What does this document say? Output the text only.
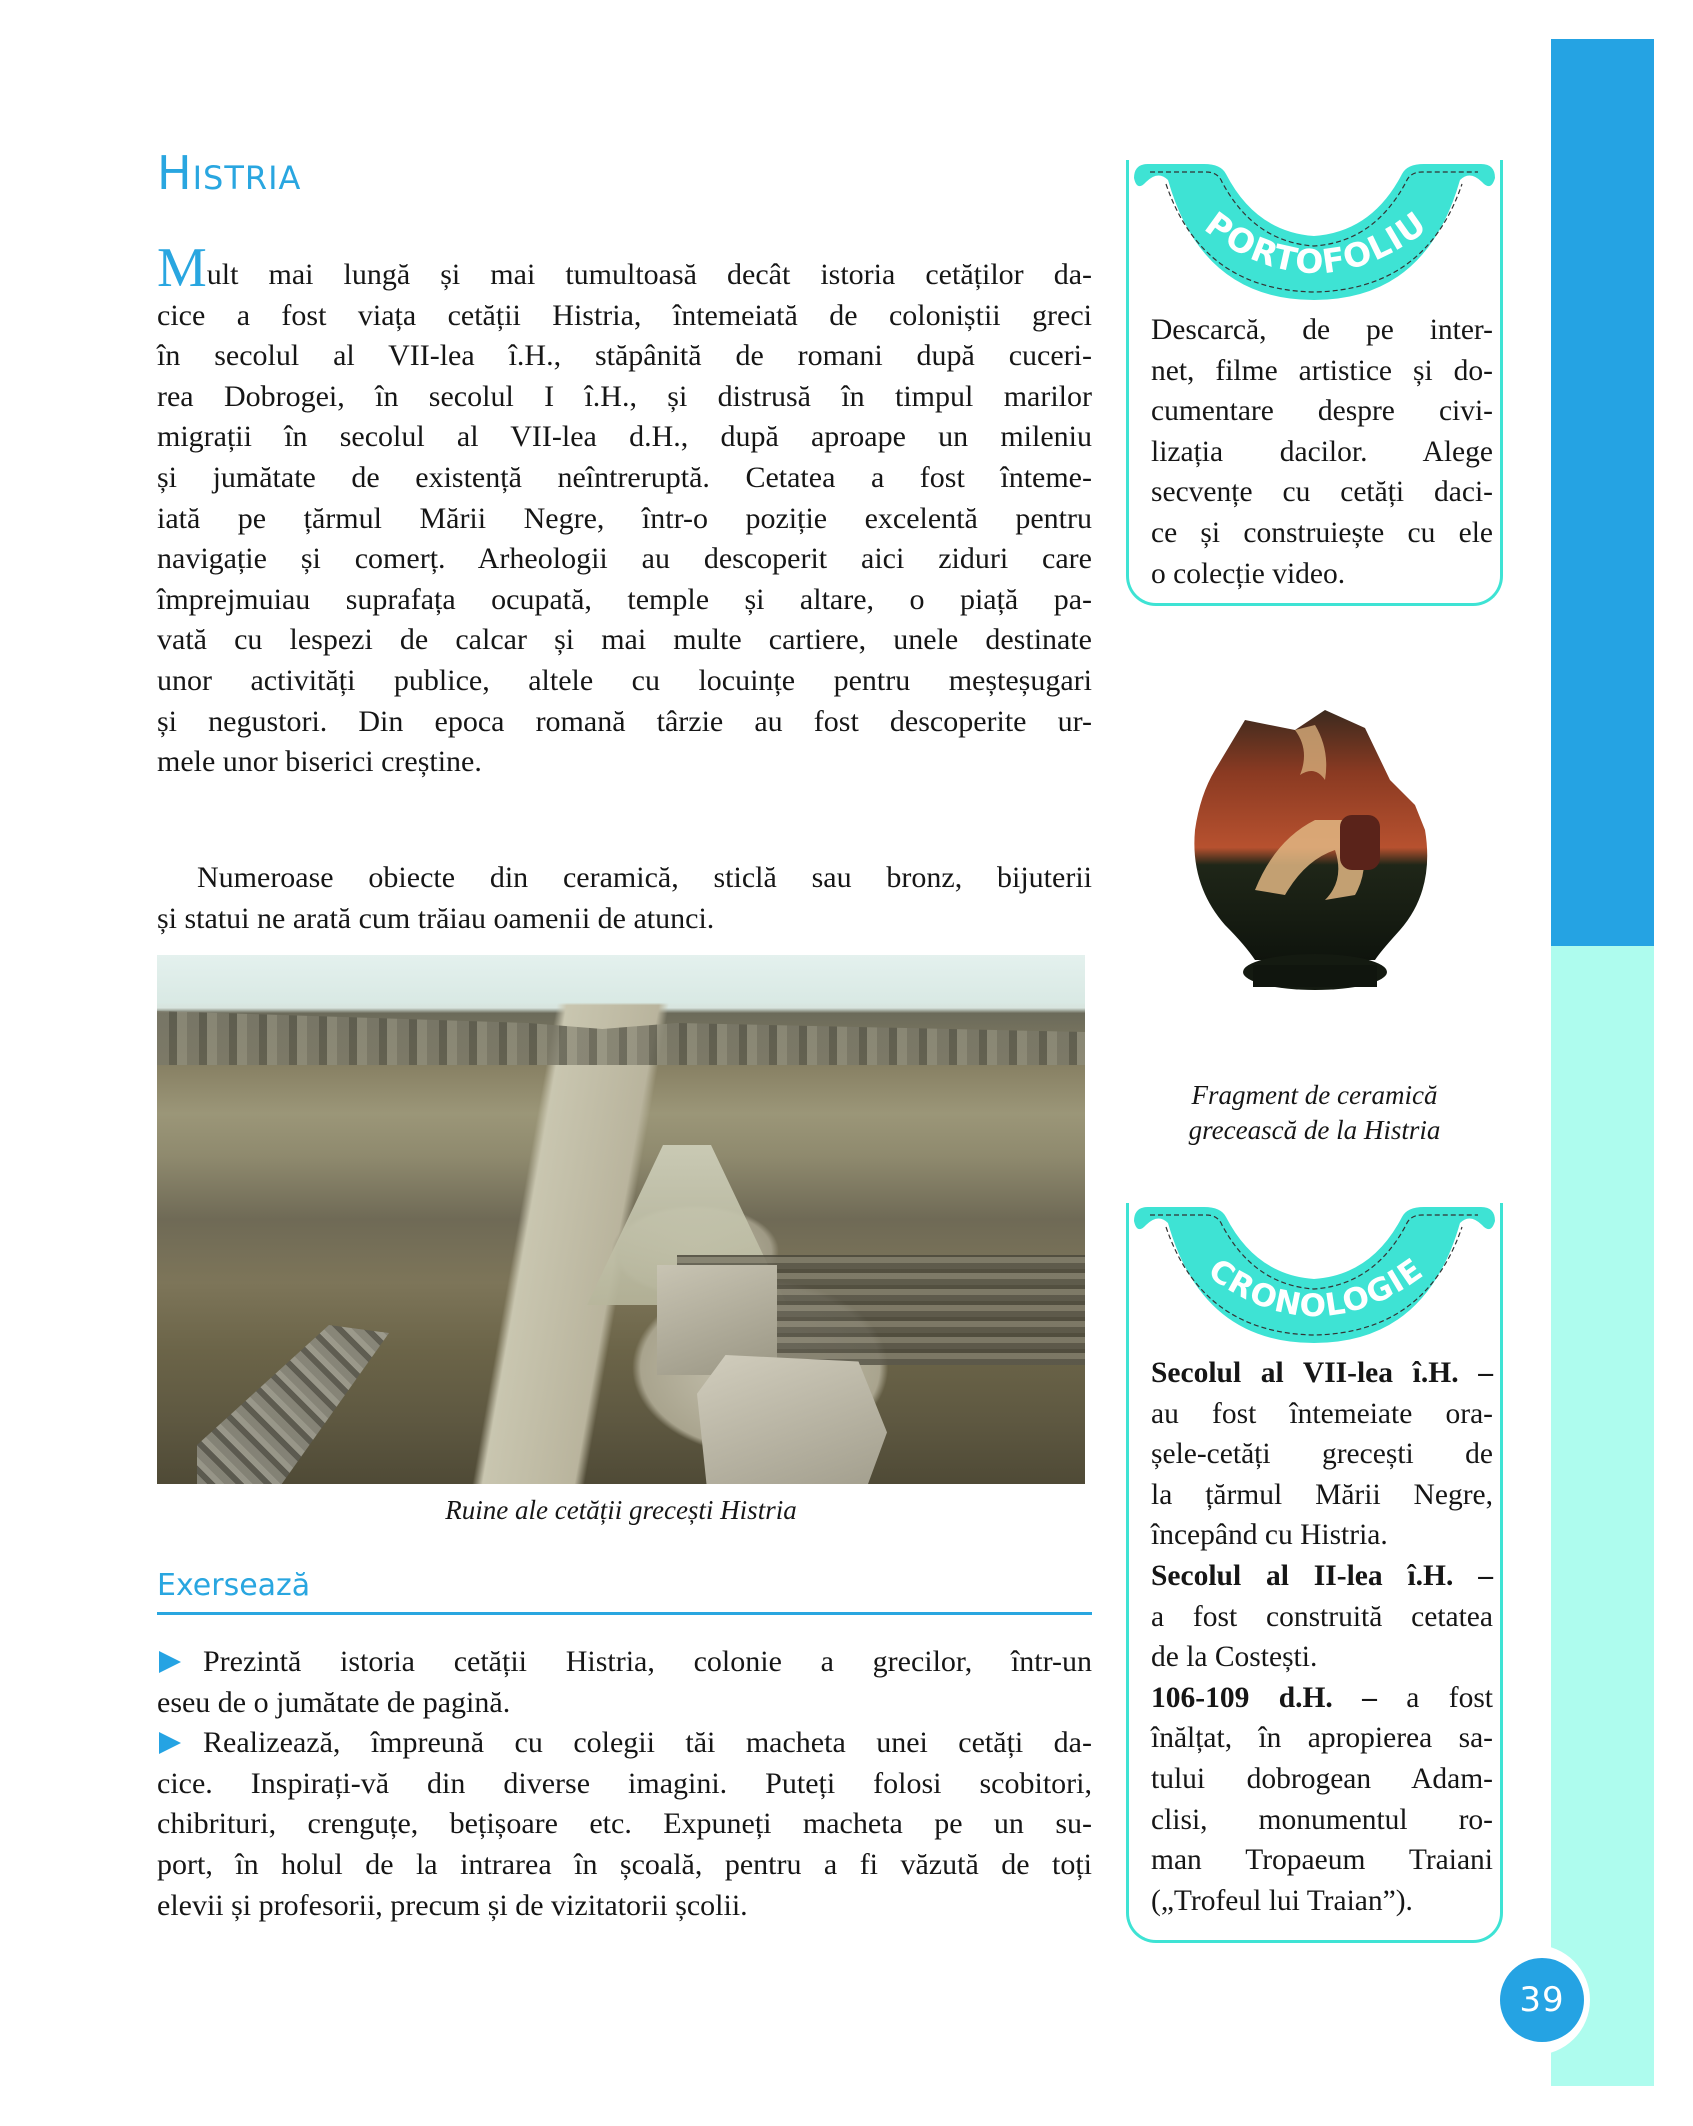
39
Histria
Mult mai lungă și mai tumultoasă decât istoria cetăților da-
cice a fost viața cetății Histria, întemeiată de coloniștii greci
în secolul al VII-lea î.H., stăpânită de romani după cuceri-
rea Dobrogei, în secolul I î.H., și distrusă în timpul marilor
migrații în secolul al VII-lea d.H., după aproape un mileniu
și jumătate de existență neîntreruptă. Cetatea a fost înteme-
iată pe țărmul Mării Negre, într-o poziție excelentă pentru
navigație și comerț. Arheologii au descoperit aici ziduri care
împrejmuiau suprafața ocupată, temple și altare, o piață pa-
vată cu lespezi de calcar și mai multe cartiere, unele destinate
unor activități publice, altele cu locuințe pentru meșteșugari
și negustori. Din epoca romană târzie au fost descoperite ur-
mele unor biserici creștine.
Numeroase obiecte din ceramică, sticlă sau bronz, bijuterii
și statui ne arată cum trăiau oamenii de atunci.
Ruine ale cetății grecești Histria
Exersează
Prezintă istoria cetății Histria, colonie a grecilor, într-un
eseu de o jumătate de pagină.
Realizează, împreună cu colegii tăi macheta unei cetăți da-
cice. Inspirați-vă din diverse imagini. Puteți folosi scobitori,
chibrituri, crenguțe, bețișoare etc. Expuneți macheta pe un su-
port, în holul de la intrarea în școală, pentru a fi văzută de toți
elevii și profesorii, precum și de vizitatorii școlii.
PORTOFOLIU
Descarcă, de pe inter-
net, filme artistice și do-
cumentare despre civi-
lizația dacilor. Alege
secvențe cu cetăți daci-
ce și construiește cu ele
o colecție video.
Fragment de ceramică
grecească de la Histria
CRONOLOGIE
Secolul al VII-lea î.H. –
au fost întemeiate ora-
șele-cetăți grecești de
la țărmul Mării Negre,
începând cu Histria.
Secolul al II-lea î.H. –
a fost construită cetatea
de la Costești.
106-109 d.H. – a fost
înălțat, în apropierea sa-
tului dobrogean Adam-
clisi, monumentul ro-
man Tropaeum Traiani
(„Trofeul lui Traian”).
